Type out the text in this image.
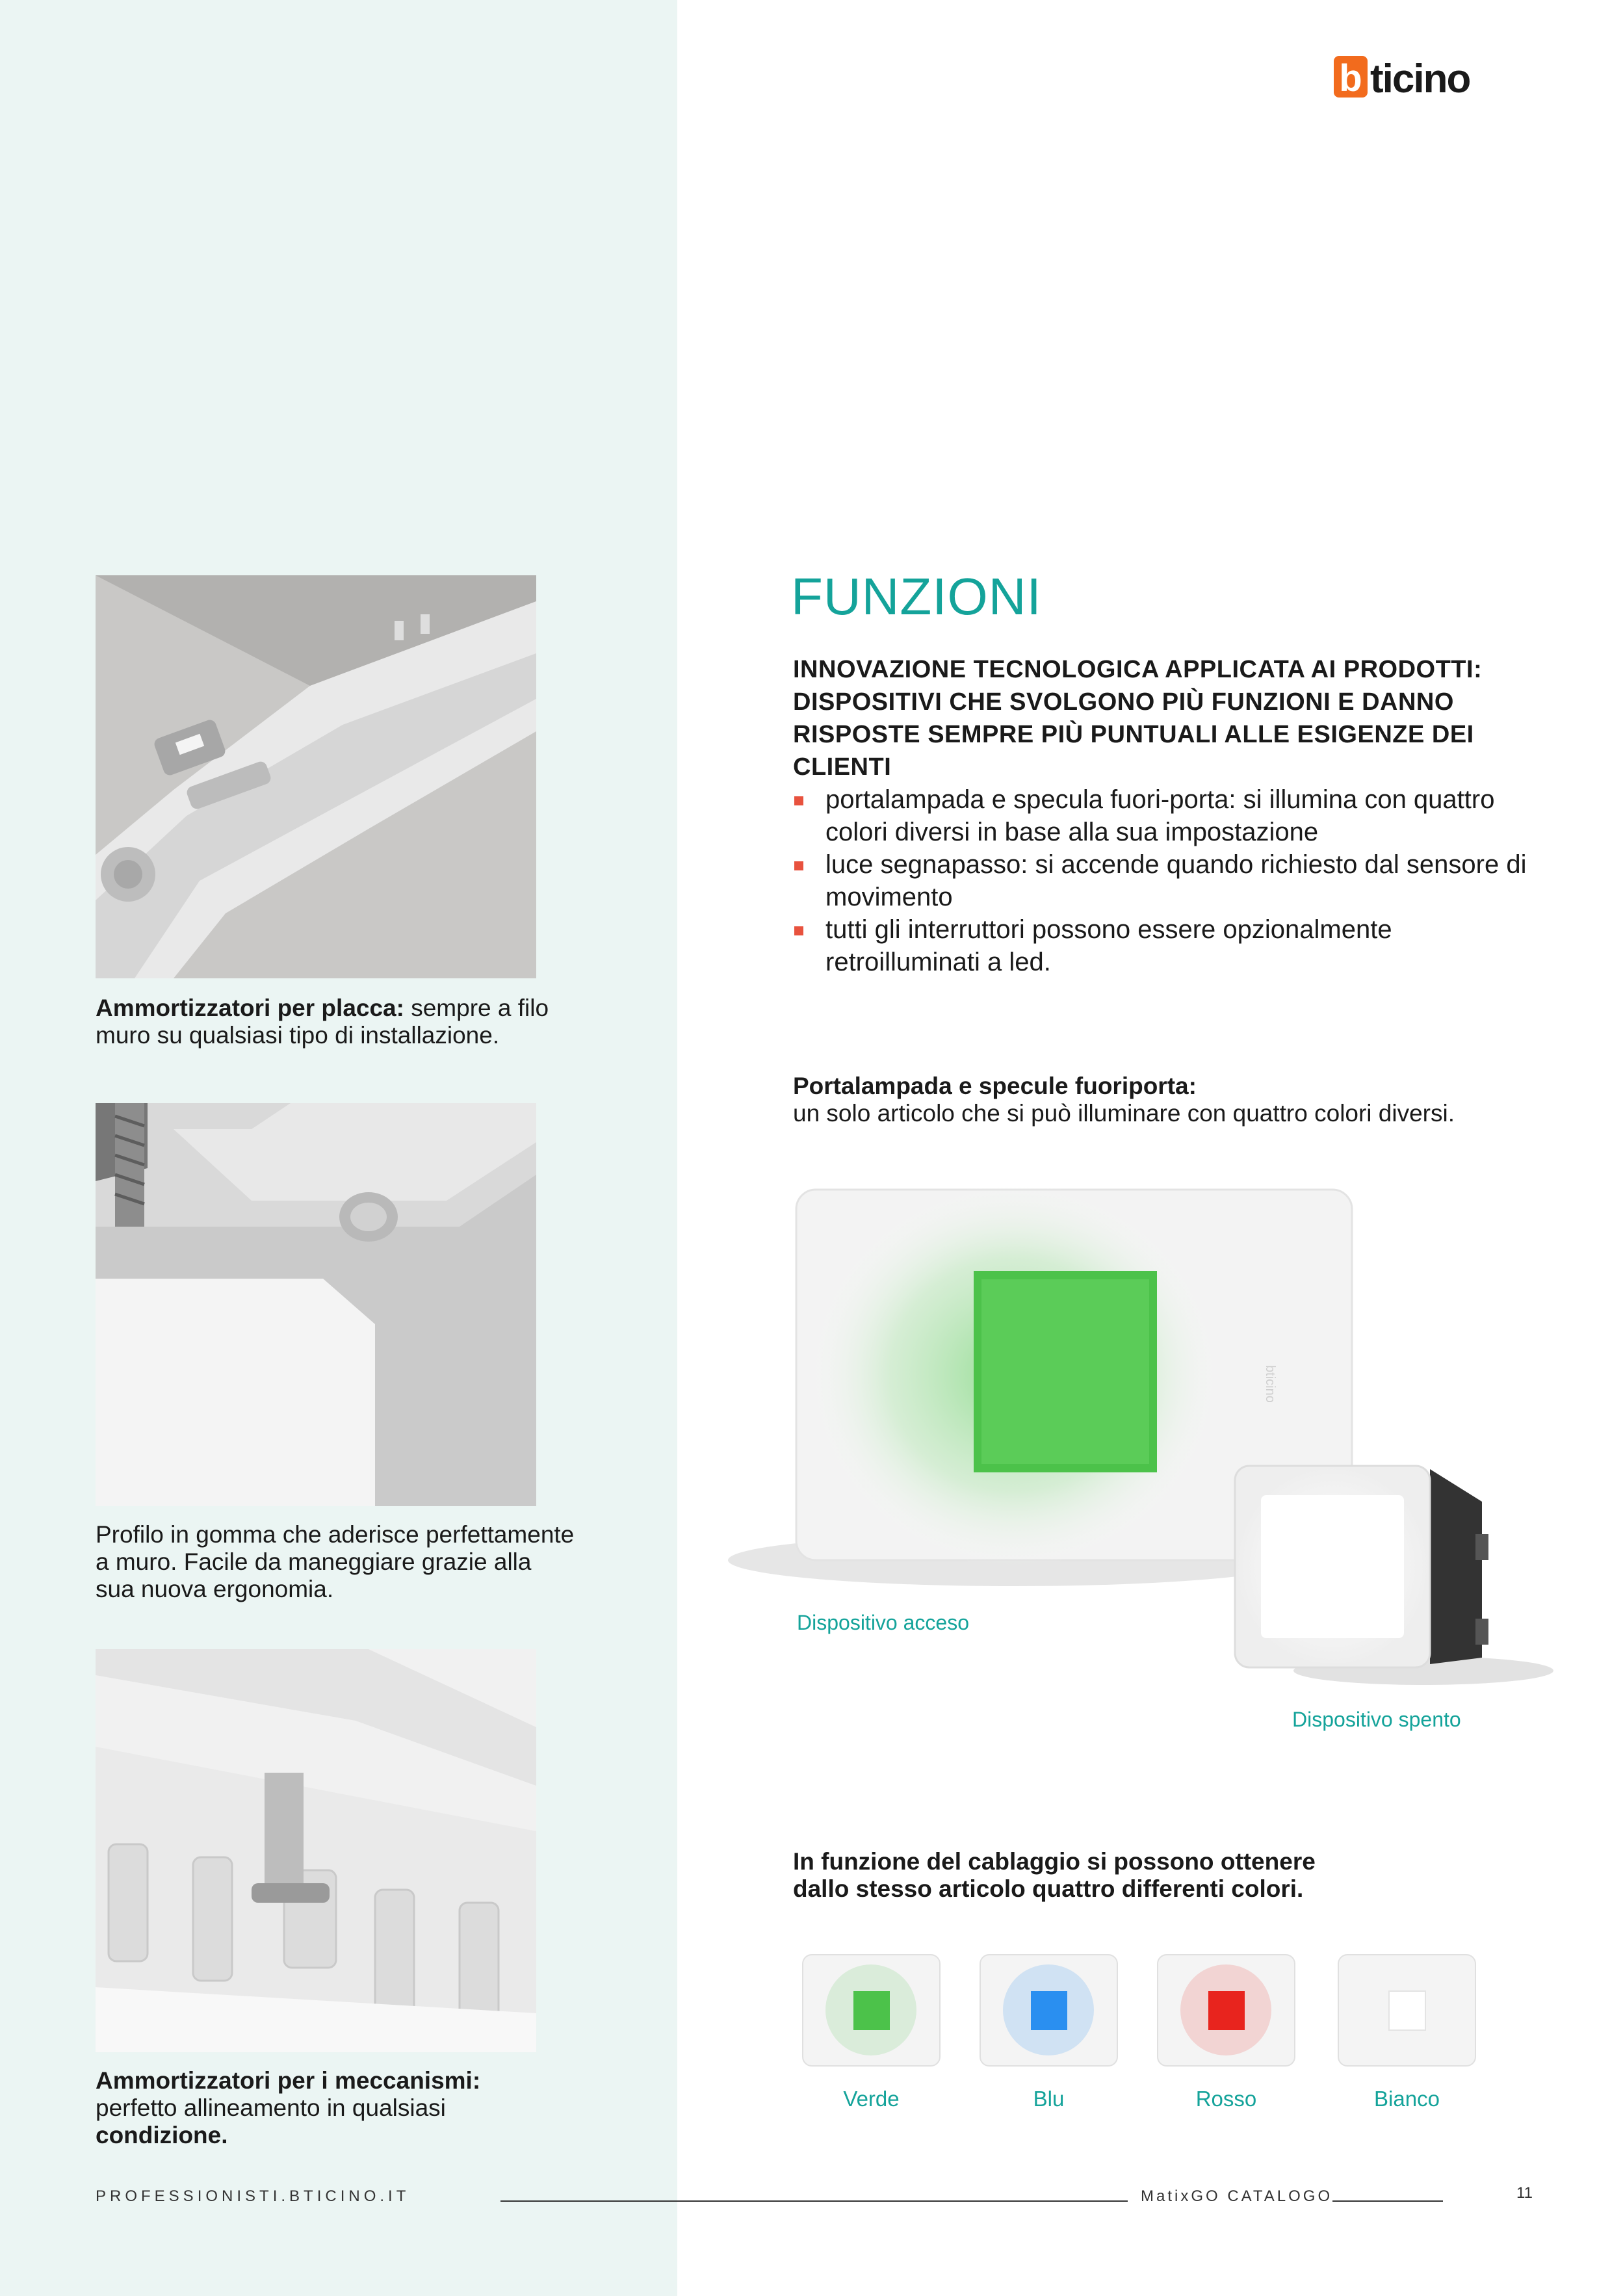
b ticino
Ammortizzatori per placca: sempre a filo muro su qualsiasi tipo di installazione.
Profilo in gomma che aderisce perfettamente a muro. Facile da maneggiare grazie alla sua nuova ergonomia.
Ammortizzatori per i meccanismi:
perfetto allineamento in qualsiasi condizione.
FUNZIONI
INNOVAZIONE TECNOLOGICA APPLICATA AI PRODOTTI: DISPOSITIVI CHE SVOLGONO PIÙ FUNZIONI E DANNO RISPOSTE SEMPRE PIÙ PUNTUALI ALLE ESIGENZE DEI CLIENTI
portalampada e specula fuori-porta: si illumina con quattro colori diversi in base alla sua impostazione
luce segnapasso: si accende quando richiesto dal sensore di movimento
tutti gli interruttori possono essere opzionalmente retroilluminati a led.
Portalampada e specule fuoriporta:
un solo articolo che si può illuminare con quattro colori diversi.
bticino
Dispositivo acceso
Dispositivo spento
In funzione del cablaggio si possono ottenere dallo stesso articolo quattro differenti colori.
Verde	Blu	Rosso	Bianco
PROFESSIONISTI.BTICINO.IT	MatixGO CATALOGO	11
